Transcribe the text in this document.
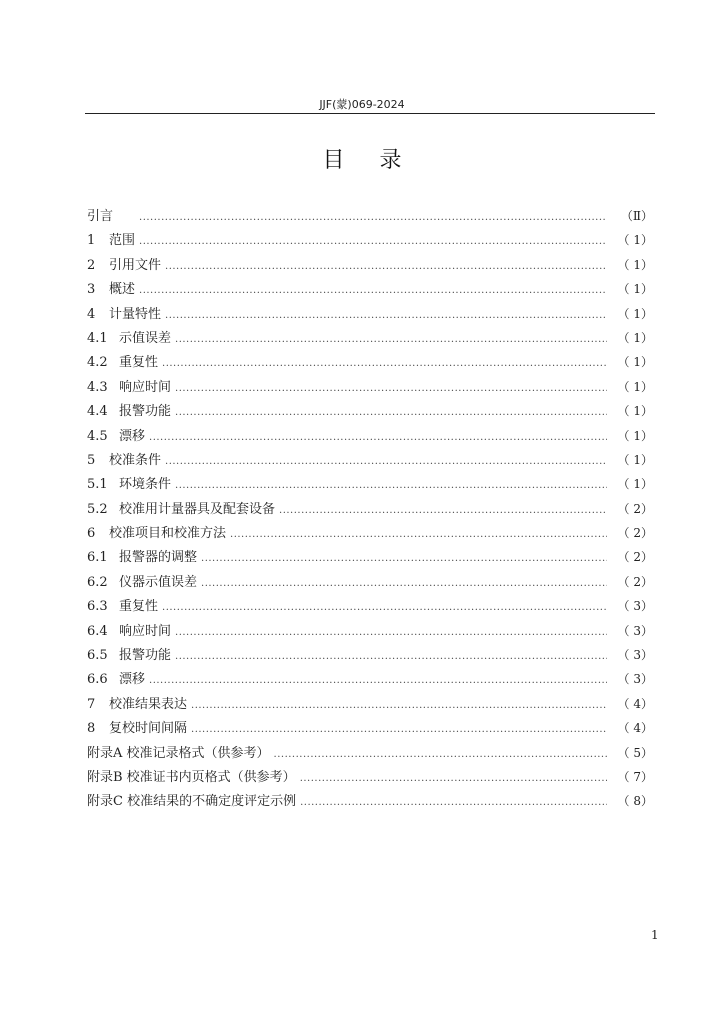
JJF(蒙)069-2024
目 录
引言 .....	（Ⅱ）
1	范围 .....	（ 1）
2	引用文件 .....	（ 1）
3	概述 .....	（ 1）
4	计量特性 .....	（ 1）
4.1 示值误差 .....	（ 1）
4.2 重复性 .....	（ 1）
4.3 响应时间 .....	（ 1）
4.4 报警功能 .....	（ 1）
4.5 漂移 .....	（ 1）
5	校准条件 .....	（ 1）
5.1 环境条件 .....	（ 1）
5.2 校准用计量器具及配套设备 .....	（ 2）
6	校准项目和校准方法 .....	（ 2）
6.1 报警器的调整 .....	（ 2）
6.2 仪器示值误差 .....	（ 2）
6.3 重复性 .....	（ 3）
6.4 响应时间 .....	（ 3）
6.5 报警功能 .....	（ 3）
6.6 漂移 .....	（ 3）
7	校准结果表达 .....	（ 4）
8	复校时间间隔 .....	（ 4）
附录A 校准记录格式（供参考） .....	（ 5）
附录B 校准证书内页格式（供参考） .....	（ 7）
附录C 校准结果的不确定度评定示例 .....	（ 8）
1
